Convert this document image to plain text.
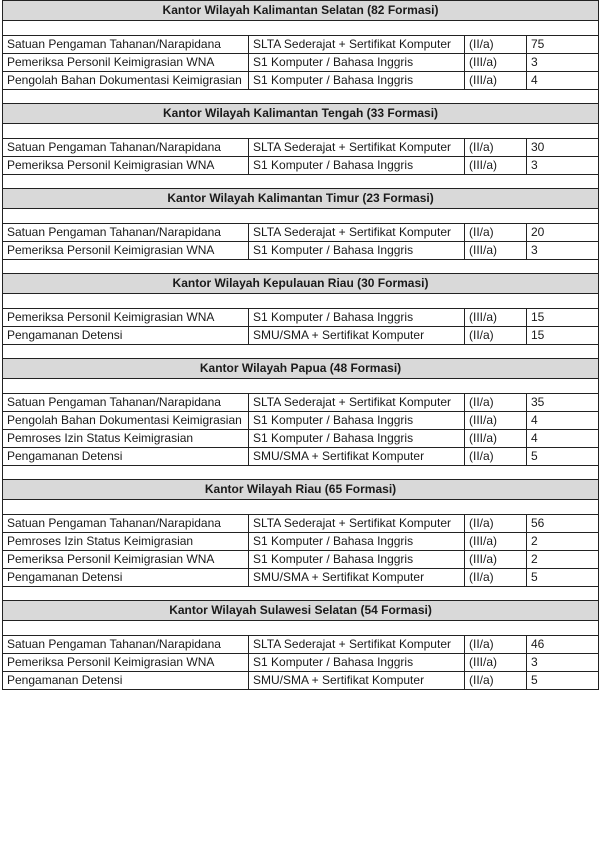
Kantor Wilayah Kalimantan Selatan (82 Formasi)			

Satuan Pengaman Tahanan/Narapidana	SLTA Sederajat + Sertifikat Komputer	(II/a)	75
Pemeriksa Personil Keimigrasian WNA	S1 Komputer / Bahasa Inggris	(III/a)	3
Pengolah Bahan Dokumentasi Keimigrasian	S1 Komputer / Bahasa Inggris	(III/a)	4

Kantor Wilayah Kalimantan Tengah (33 Formasi)			

Satuan Pengaman Tahanan/Narapidana	SLTA Sederajat + Sertifikat Komputer	(II/a)	30
Pemeriksa Personil Keimigrasian WNA	S1 Komputer / Bahasa Inggris	(III/a)	3

Kantor Wilayah Kalimantan Timur (23 Formasi)			

Satuan Pengaman Tahanan/Narapidana	SLTA Sederajat + Sertifikat Komputer	(II/a)	20
Pemeriksa Personil Keimigrasian WNA	S1 Komputer / Bahasa Inggris	(III/a)	3

Kantor Wilayah Kepulauan Riau (30 Formasi)			

Pemeriksa Personil Keimigrasian WNA	S1 Komputer / Bahasa Inggris	(III/a)	15
Pengamanan Detensi	SMU/SMA + Sertifikat Komputer	(II/a)	15

Kantor Wilayah Papua (48 Formasi)			

Satuan Pengaman Tahanan/Narapidana	SLTA Sederajat + Sertifikat Komputer	(II/a)	35
Pengolah Bahan Dokumentasi Keimigrasian	S1 Komputer / Bahasa Inggris	(III/a)	4
Pemroses Izin Status Keimigrasian	S1 Komputer / Bahasa Inggris	(III/a)	4
Pengamanan Detensi	SMU/SMA + Sertifikat Komputer	(II/a)	5

Kantor Wilayah Riau (65 Formasi)			

Satuan Pengaman Tahanan/Narapidana	SLTA Sederajat + Sertifikat Komputer	(II/a)	56
Pemroses Izin Status Keimigrasian	S1 Komputer / Bahasa Inggris	(III/a)	2
Pemeriksa Personil Keimigrasian WNA	S1 Komputer / Bahasa Inggris	(III/a)	2
Pengamanan Detensi	SMU/SMA + Sertifikat Komputer	(II/a)	5

Kantor Wilayah Sulawesi Selatan (54 Formasi)			

Satuan Pengaman Tahanan/Narapidana	SLTA Sederajat + Sertifikat Komputer	(II/a)	46
Pemeriksa Personil Keimigrasian WNA	S1 Komputer / Bahasa Inggris	(III/a)	3
Pengamanan Detensi	SMU/SMA + Sertifikat Komputer	(II/a)	5
